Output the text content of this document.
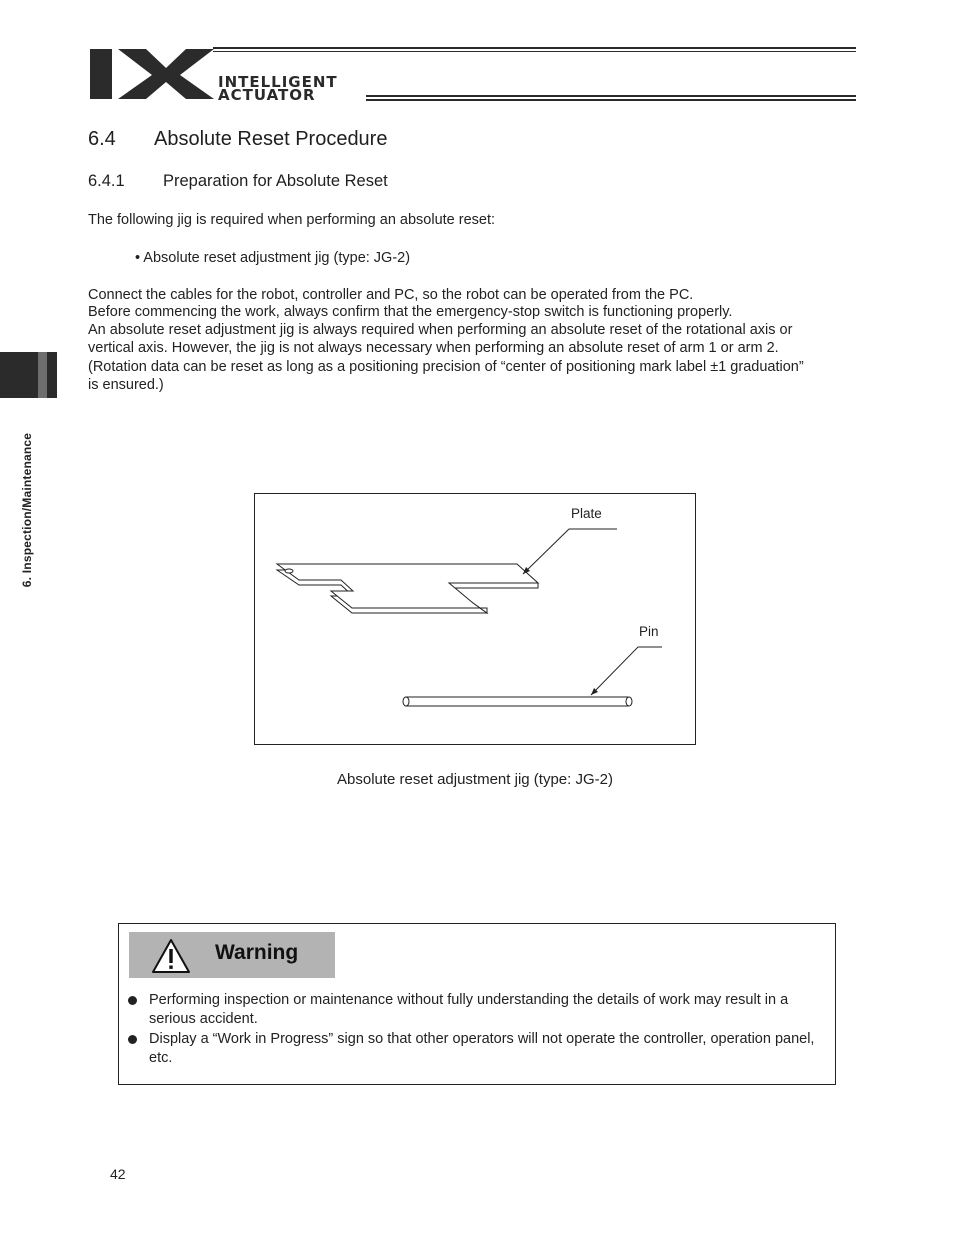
INTELLIGENT
ACTUATOR
6. Inspection/Maintenance
6.4 Absolute Reset Procedure
6.4.1 Preparation for Absolute Reset
The following jig is required when performing an absolute reset:
• Absolute reset adjustment jig (type: JG-2)
Connect the cables for the robot, controller and PC, so the robot can be operated from the PC.
Before commencing the work, always confirm that the emergency-stop switch is functioning properly.
An absolute reset adjustment jig is always required when performing an absolute reset of the rotational axis or
vertical axis. However, the jig is not always necessary when performing an absolute reset of arm 1 or arm 2.
(Rotation data can be reset as long as a positioning precision of “center of positioning mark label ±1 graduation”
is ensured.)
Plate
Pin
Absolute reset adjustment jig (type: JG-2)
Warning
Performing inspection or maintenance without fully understanding the details of work may result in a serious accident.
Display a “Work in Progress” sign so that other operators will not operate the controller, operation panel, etc.
42
